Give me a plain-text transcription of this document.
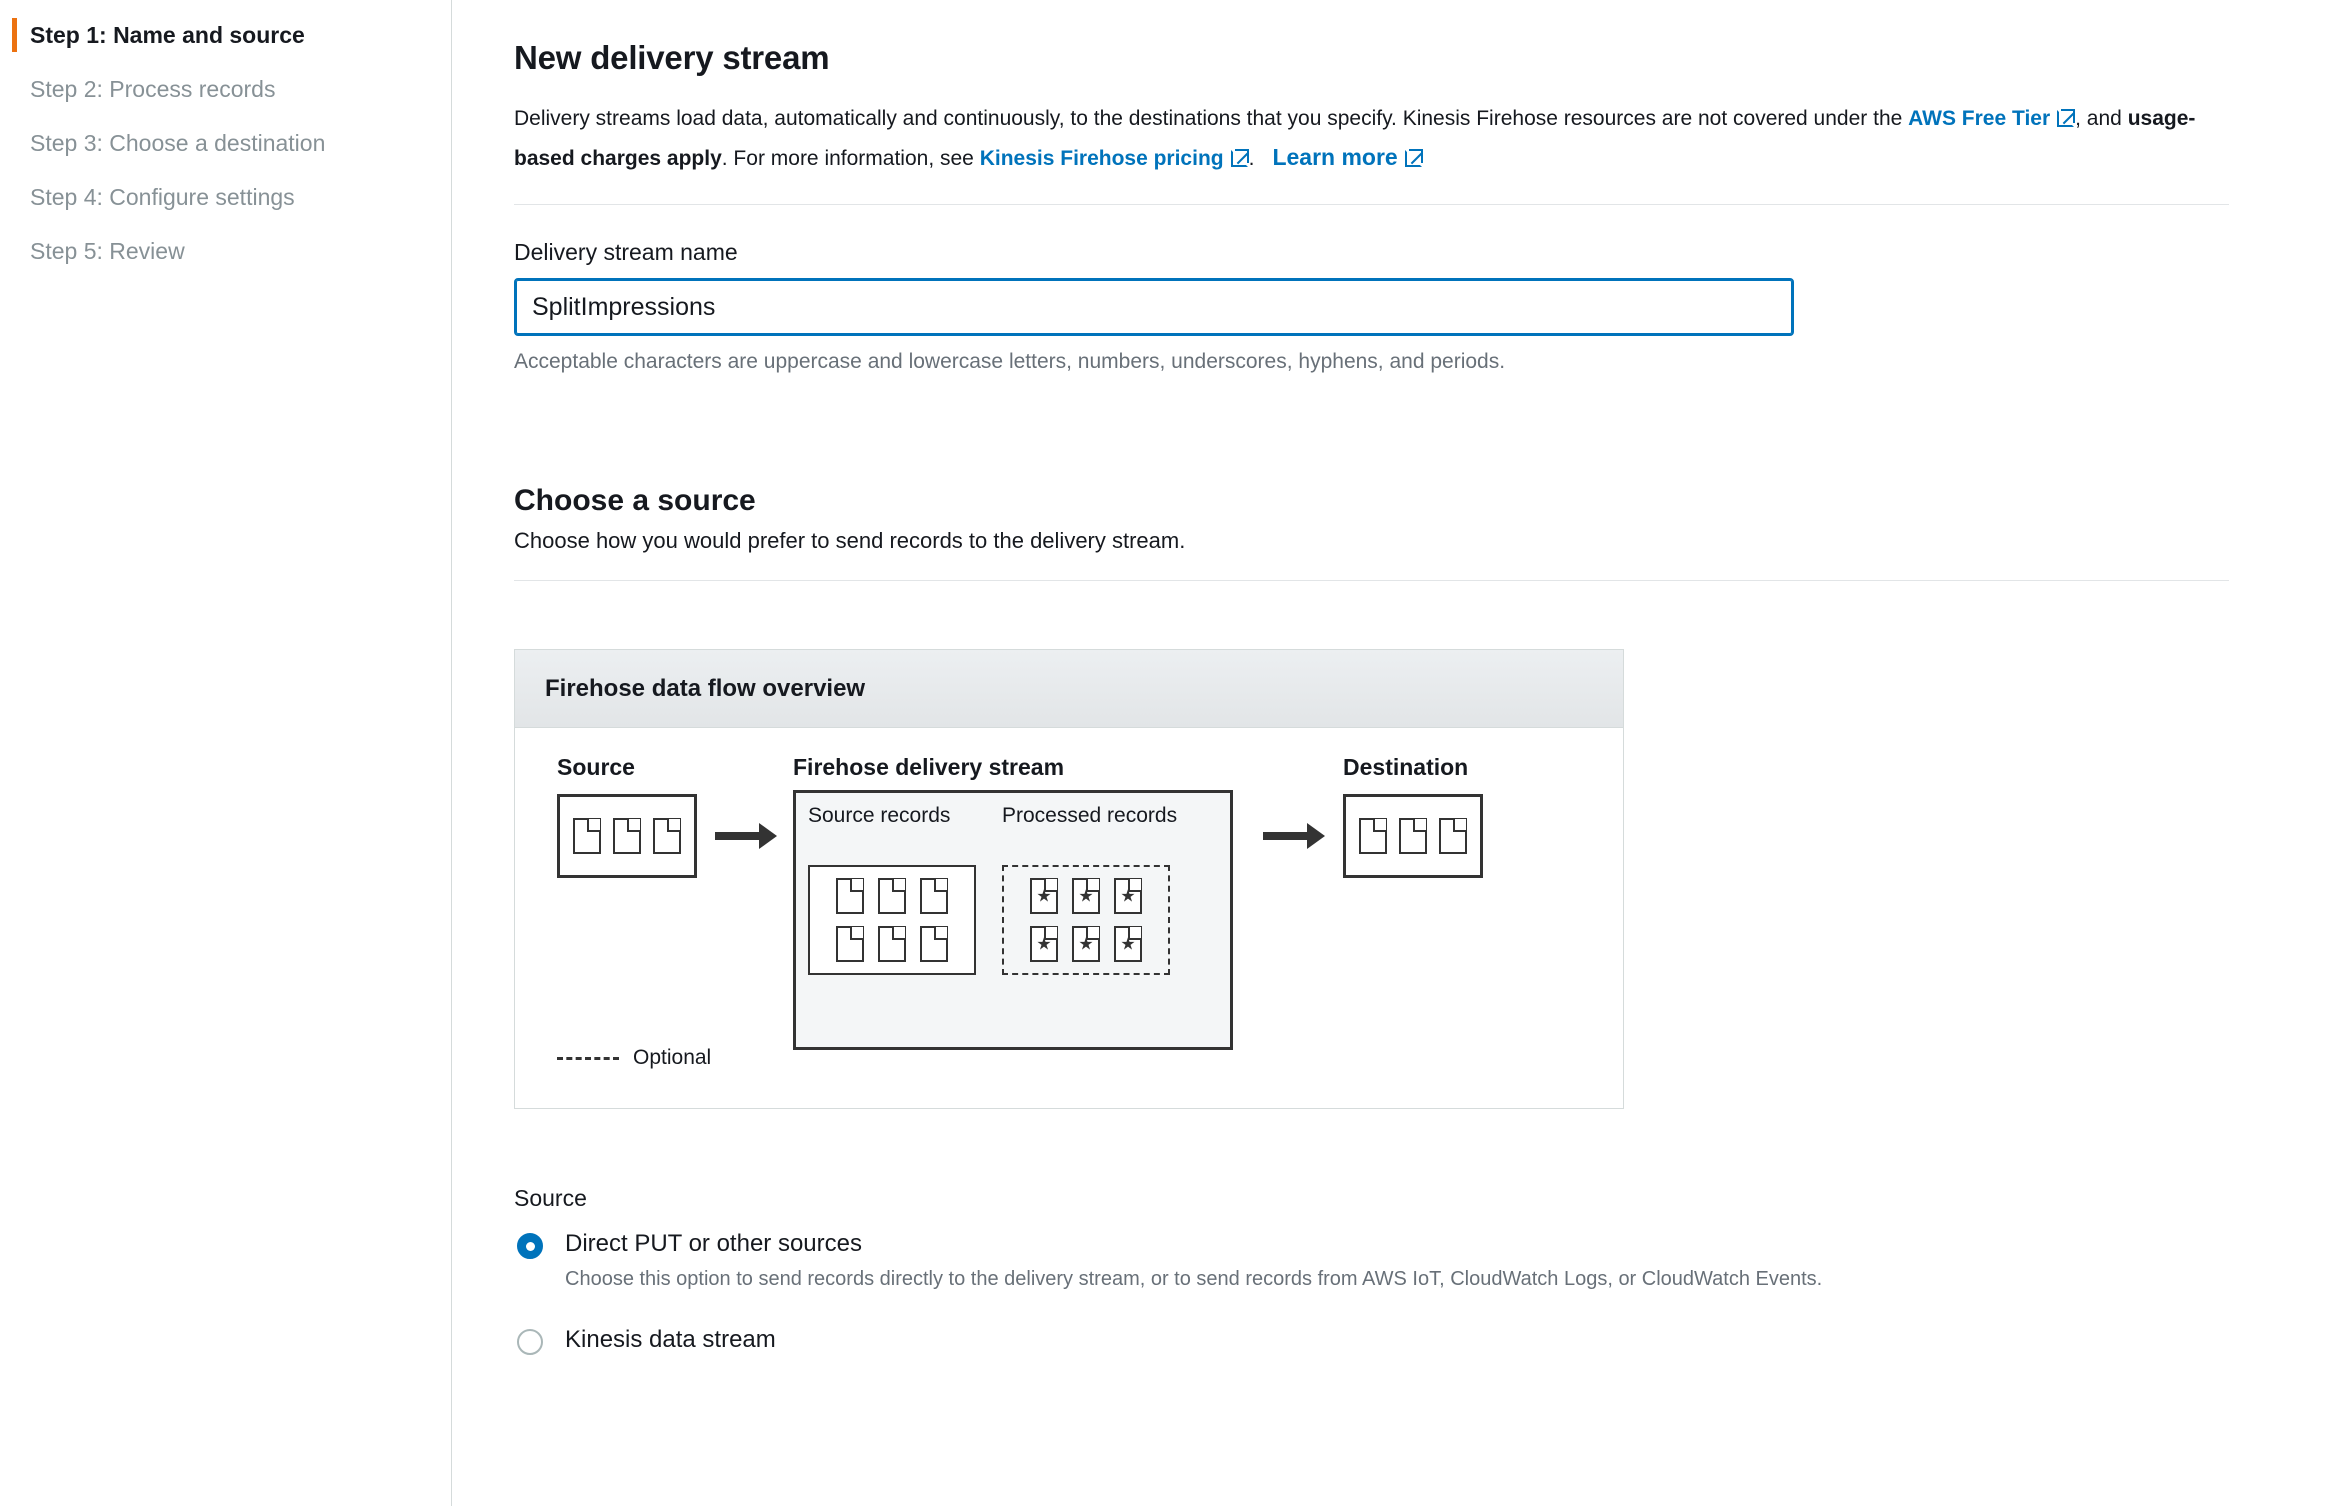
Step 1: Name and source
Step 2: Process records
Step 3: Choose a destination
Step 4: Configure settings
Step 5: Review
New delivery stream

Delivery streams load data, automatically and continuously, to the destinations that you specify. Kinesis Firehose resources are not covered under the AWS Free Tier , and usage-based charges apply. For more information, see Kinesis Firehose pricing . Learn more

Delivery stream name
SplitImpressions
Acceptable characters are uppercase and lowercase letters, numbers, underscores, hyphens, and periods.
Choose a source
Choose how you would prefer to send records to the delivery stream.
Firehose data flow overview
Source	Firehose delivery stream	Destination
Source records Processed records
★
★
★
★
★
★
Optional
Source
Direct PUT or other sources
Choose this option to send records directly to the delivery stream, or to send records from AWS IoT, CloudWatch Logs, or CloudWatch Events.
Kinesis data stream
